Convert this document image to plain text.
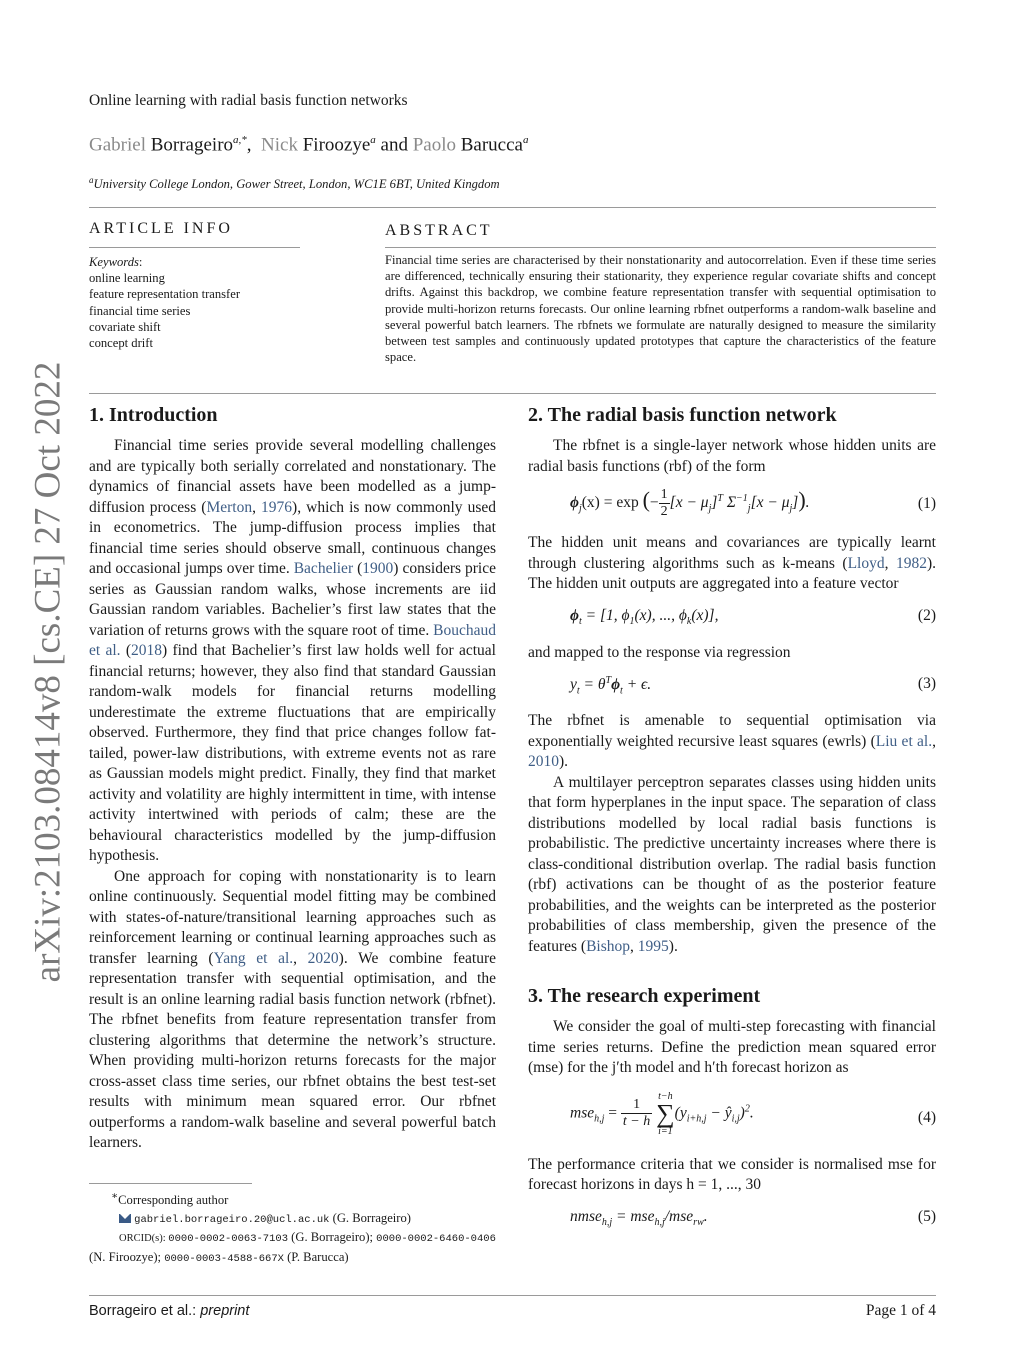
Online learning with radial basis function networks
Gabriel Borrageiro$^{a,*}$, Nick Firoozye$^a$ and Paolo Barucca$^a$
$^a$University College London, Gower Street, London, WC1E 6BT, United Kingdom
ARTICLE INFO	ABSTRACT
Keywords:
online learning
feature representation transfer
financial time series
covariate shift
concept drift
Financial time series are characterised by their nonstationarity and autocorrelation. Even if these time series are differenced, technically ensuring their stationarity, they experience regular covariate shifts and concept drifts. Against this backdrop, we combine feature representation transfer with sequential optimisation to provide multi-horizon returns forecasts. Our online learning rbfnet outperforms a random-walk baseline and several powerful batch learners. The rbfnets we formulate are naturally designed to measure the similarity between test samples and continuously updated prototypes that capture the characteristics of the feature space.
arXiv:2103.08414v8 [cs.CE] 27 Oct 2022 1. Introduction

Financial time series provide several modelling challenges and are typically both serially correlated and nonstationary. The dynamics of financial assets have been modelled as a jump-diffusion process (Merton, 1976), which is now commonly used in econometrics. The jump-diffusion process implies that financial time series should observe small, continuous changes and occasional jumps over time. Bachelier (1900) considers price series as Gaussian random walks, whose increments are iid Gaussian random variables. Bachelier’s first law states that the variation of returns grows with the square root of time. Bouchaud et al. (2018) find that Bachelier’s first law holds well for actual financial returns; however, they also find that standard Gaussian random-walk models for financial returns modelling underestimate the extreme fluctuations that are empirically observed. Furthermore, they find that price changes follow fat-tailed, power-law distributions, with extreme events not as rare as Gaussian models might predict. Finally, they find that market activity and volatility are highly intermittent in time, with intense activity intertwined with periods of calm; these are the behavioural characteristics modelled by the jump-diffusion hypothesis.

One approach for coping with nonstationarity is to learn online continuously. Sequential model fitting may be combined with states-of-nature/transitional learning approaches such as reinforcement learning or continual learning approaches such as transfer learning (Yang et al., 2020). We combine feature representation transfer with sequential optimisation, and the result is an online learning radial basis function network (rbfnet). The rbfnet benefits from feature representation transfer from clustering algorithms that determine the network’s structure. When providing multi-horizon returns forecasts for the major cross-asset class time series, our rbfnet obtains the best test-set results with minimum mean squared error. Our rbfnet outperforms a random-walk baseline and several powerful batch learners.

∗Corresponding author
gabriel.borrageiro.20@ucl.ac.uk (G. Borrageiro)
ORCID(s): 0000-0002-0063-7103 (G. Borrageiro); 0000-0002-6460-0406
(N. Firoozye); 0000-0003-4588-667X (P. Barucca)
2. The radial basis function network

The rbfnet is a single-layer network whose hidden units are radial basis functions (rbf) of the form

$\phi_j(x) = \exp$ (− $\frac{1}{2} [x - \mu_j]^T$ $\Sigma^{-1}_j[x - \mu_j]$).	(1)

The hidden unit means and covariances are typically learnt through clustering algorithms such as k-means (Lloyd, 1982). The hidden unit outputs are aggregated into a feature vector

$\phi_t = [1$, $\phi_1(x)$, ..., $\phi_k(x)$],	(2)

and mapped to the response via regression

$y_t = \theta^T\phi_t + \epsilon$.	(3)

The rbfnet is amenable to sequential optimisation via exponentially weighted recursive least squares (ewrls) (Liu et al., 2010).

A multilayer perceptron separates classes using hidden units that form hyperplanes in the input space. The separation of class distributions modelled by local radial basis functions is probabilistic. The predictive uncertainty increases where there is class-conditional distribution overlap. The radial basis function (rbf) activations can be thought of as the posterior feature probabilities, and the weights can be interpreted as the posterior probabilities of class membership, given the presence of the features (Bishop, 1995).

3. The research experiment

We consider the goal of multi-step forecasting with financial time series returns. Define the prediction mean squared error (mse) for the j′th model and h′th forecast horizon as

$mse_{h,j} = \frac{1}{t - h}$

t−h
∑
i=1
($y_{i+h,j}$ − $ŷ_{i,j})^2$.	(4)

The performance criteria that we consider is normalised mse for forecast horizons in days h = 1, ..., 30

nmse$_{h,j}$ = mse$_{h,j}$/mse$_{rw}$.	(5)
Borrageiro et al.: preprint	Page 1 of 4
